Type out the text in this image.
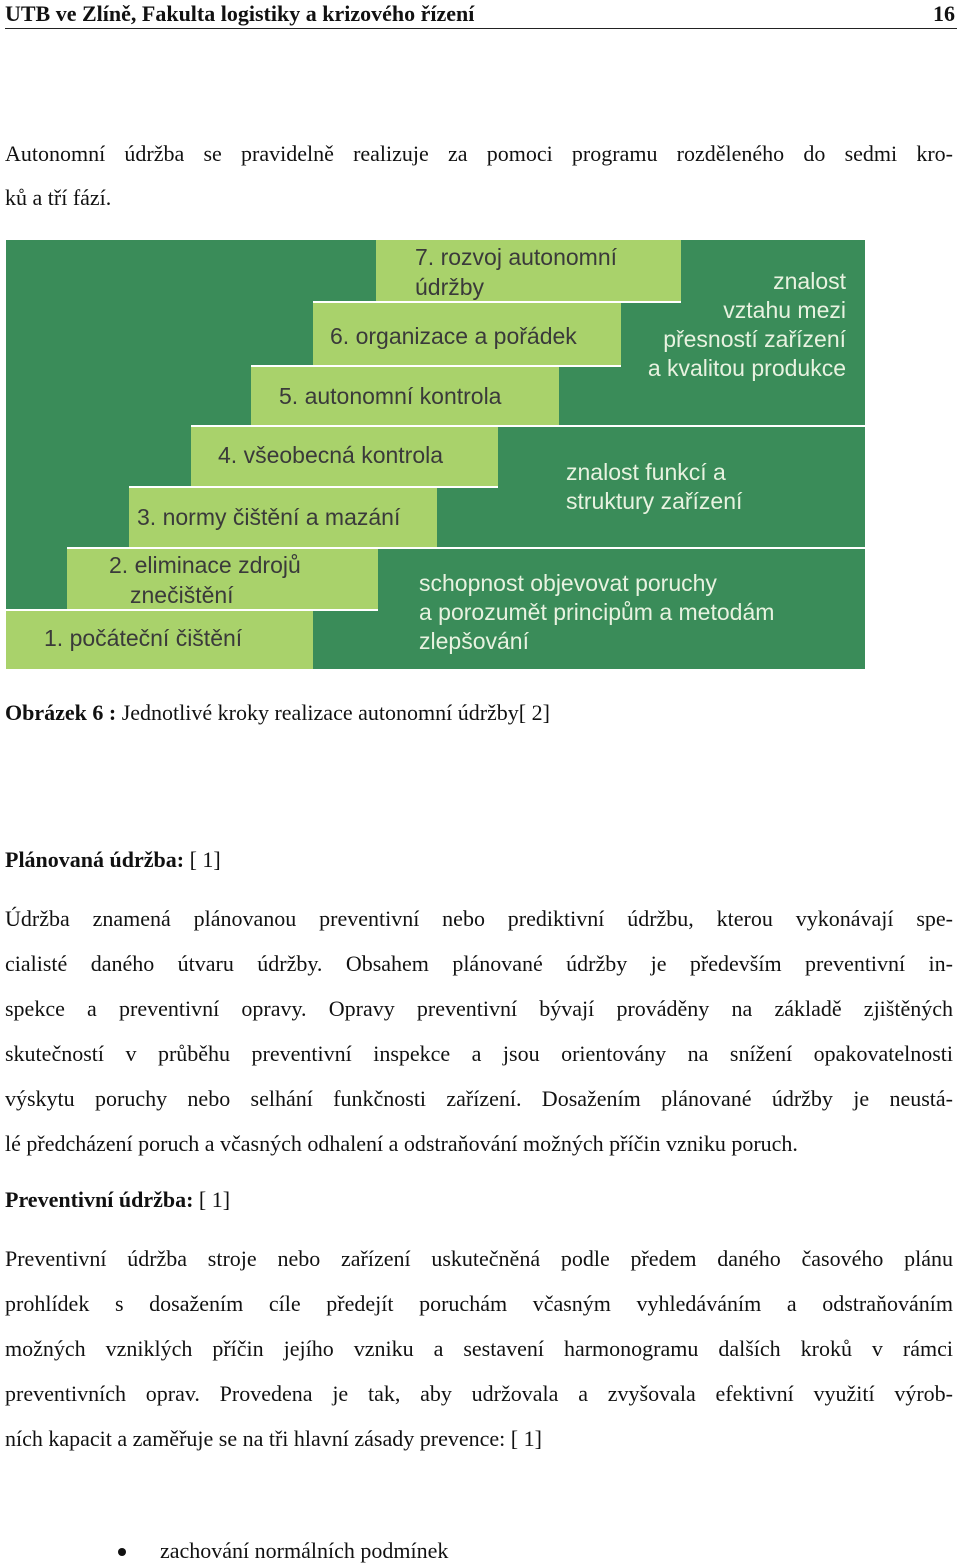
UTB ve Zlíně, Fakulta logistiky a krizového řízení	16
Autonomní údržba se pravidelně realizuje za pomoci programu rozděleného do sedmi kro-
ků a tří fází.
1. počáteční čištění
2. eliminace zdrojů
znečištění
3. normy čištění a mazání
4. všeobecná kontrola
5. autonomní kontrola
6. organizace a pořádek
7. rozvoj autonomní
údržby
schopnost objevovat poruchy
a porozumět principům a metodám
zlepšování
znalost funkcí a
struktury zařízení
znalost
vztahu mezi
přesností zařízení
a kvalitou produkce
Obrázek 6 : Jednotlivé kroky realizace autonomní údržby[ 2]
Plánovaná údržba: [ 1]
Údržba znamená plánovanou preventivní nebo prediktivní údržbu, kterou vykonávají spe-
cialisté daného útvaru údržby. Obsahem plánované údržby je především preventivní in-
spekce a preventivní opravy. Opravy preventivní bývají prováděny na základě zjištěných
skutečností v průběhu preventivní inspekce a jsou orientovány na snížení opakovatelnosti
výskytu poruchy nebo selhání funkčnosti zařízení. Dosažením plánované údržby je neustá-
lé předcházení poruch a včasných odhalení a odstraňování možných příčin vzniku poruch.
Preventivní údržba: [ 1]
Preventivní údržba stroje nebo zařízení uskutečněná podle předem daného časového plánu
prohlídek s dosažením cíle předejít poruchám včasným vyhledáváním a odstraňováním
možných vzniklých příčin jejího vzniku a sestavení harmonogramu dalších kroků v rámci
preventivních oprav. Provedena je tak, aby udržovala a zvyšovala efektivní využití výrob-
ních kapacit a zaměřuje se na tři hlavní zásady prevence: [ 1]
zachování normálních podmínek
